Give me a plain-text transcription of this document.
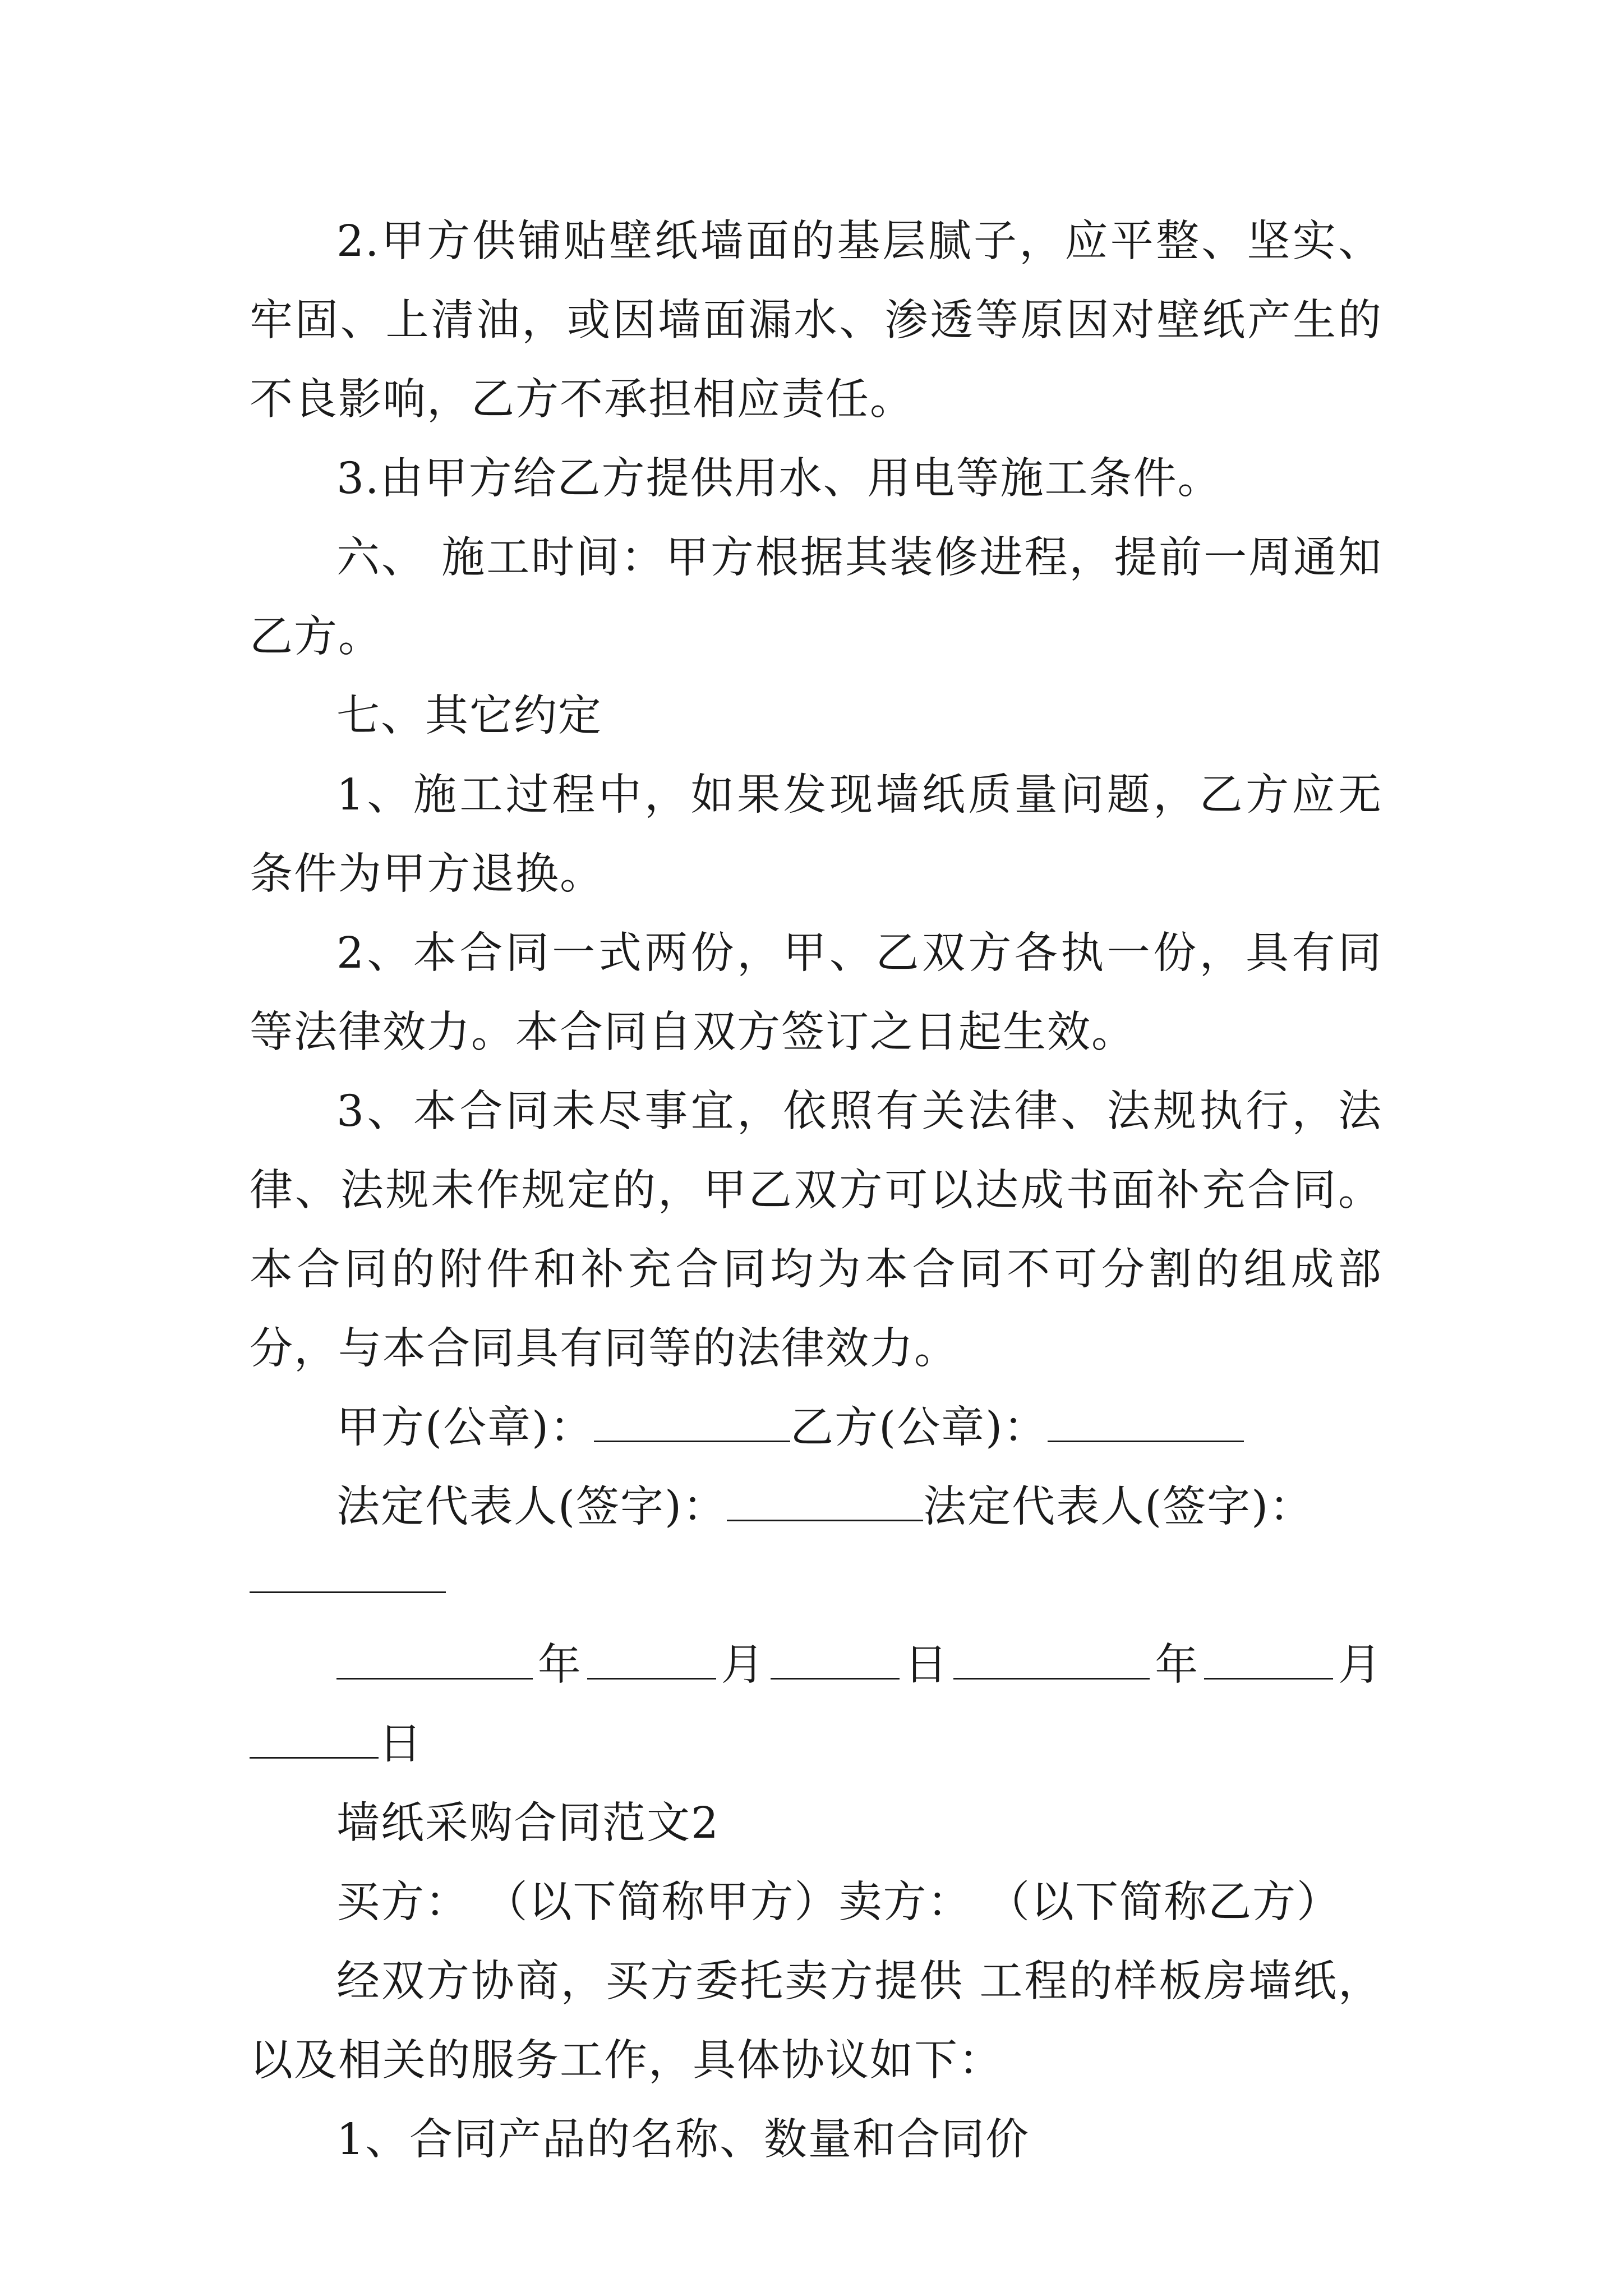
2.甲方供铺贴壁纸墙面的基层腻子，应平整、坚实、牢固、上清油，或因墙面漏水、渗透等原因对壁纸产生的不良影响，乙方不承担相应责任。

3.由甲方给乙方提供用水、用电等施工条件。

六、 施工时间：甲方根据其装修进程，提前一周通知乙方。

七、其它约定

1、施工过程中，如果发现墙纸质量问题，乙方应无条件为甲方退换。

2、本合同一式两份，甲、乙双方各执一份，具有同等法律效力。本合同自双方签订之日起生效。

3、本合同未尽事宜，依照有关法律、法规执行，法律、法规未作规定的，甲乙双方可以达成书面补充合同。本合同的附件和补充合同均为本合同不可分割的组成部分，与本合同具有同等的法律效力。

甲方(公章)：	乙方(公章)：

法定代表人(签字)：	法定代表人(签字)：

年	月	日	年	月日

墙纸采购合同范文2

买方： （以下简称甲方）卖方： （以下简称乙方）

经双方协商，买方委托卖方提供 工程的样板房墙纸，以及相关的服务工作，具体协议如下：

1、合同产品的名称、数量和合同价
